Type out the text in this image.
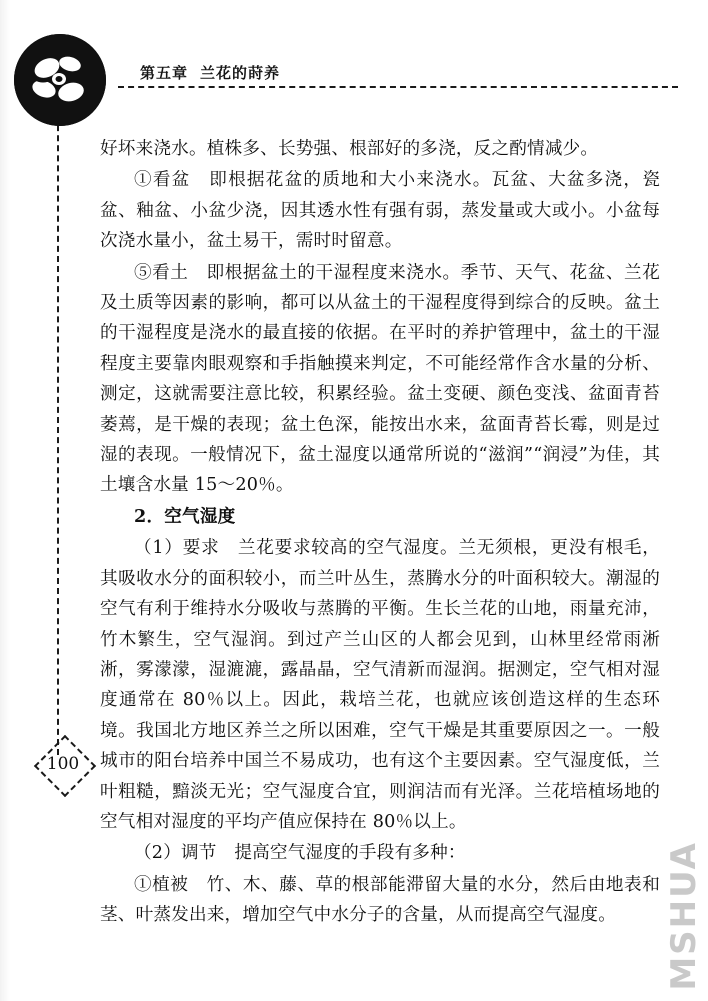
第五章 兰花的莳养
100

好坏来浇水。植株多、长势强、根部好的多浇，反之酌情减少。

①看盆　即根据花盆的质地和大小来浇水。瓦盆、大盆多浇，瓷盆、釉盆、小盆少浇，因其透水性有强有弱，蒸发量或大或小。小盆每次浇水量小，盆土易干，需时时留意。

⑤看土　即根据盆土的干湿程度来浇水。季节、天气、花盆、兰花及土质等因素的影响，都可以从盆土的干湿程度得到综合的反映。盆土的干湿程度是浇水的最直接的依据。在平时的养护管理中，盆土的干湿程度主要靠肉眼观察和手指触摸来判定，不可能经常作含水量的分析、测定，这就需要注意比较，积累经验。盆土变硬、颜色变浅、盆面青苔萎蔫，是干燥的表现；盆土色深，能按出水来，盆面青苔长霉，则是过湿的表现。一般情况下，盆土湿度以通常所说的“滋润”“润浸”为佳，其土壤含水量 15～20％。

2．空气湿度

（1）要求　兰花要求较高的空气湿度。兰无须根，更没有根毛，其吸收水分的面积较小，而兰叶丛生，蒸腾水分的叶面积较大。潮湿的空气有利于维持水分吸收与蒸腾的平衡。生长兰花的山地，雨量充沛，竹木繁生，空气湿润。到过产兰山区的人都会见到，山林里经常雨淅淅，雾濛濛，湿漉漉，露晶晶，空气清新而湿润。据测定，空气相对湿度通常在 80％以上。因此，栽培兰花，也就应该创造这样的生态环境。我国北方地区养兰之所以困难，空气干燥是其重要原因之一。一般城市的阳台培养中国兰不易成功，也有这个主要因素。空气湿度低，兰叶粗糙，黯淡无光；空气湿度合宜，则润洁而有光泽。兰花培植场地的空气相对湿度的平均产值应保持在 80％以上。

（2）调节　提高空气湿度的手段有多种：

①植被　竹、木、藤、草的根部能滞留大量的水分，然后由地表和茎、叶蒸发出来，增加空气中水分子的含量，从而提高空气湿度。	MSHUA
